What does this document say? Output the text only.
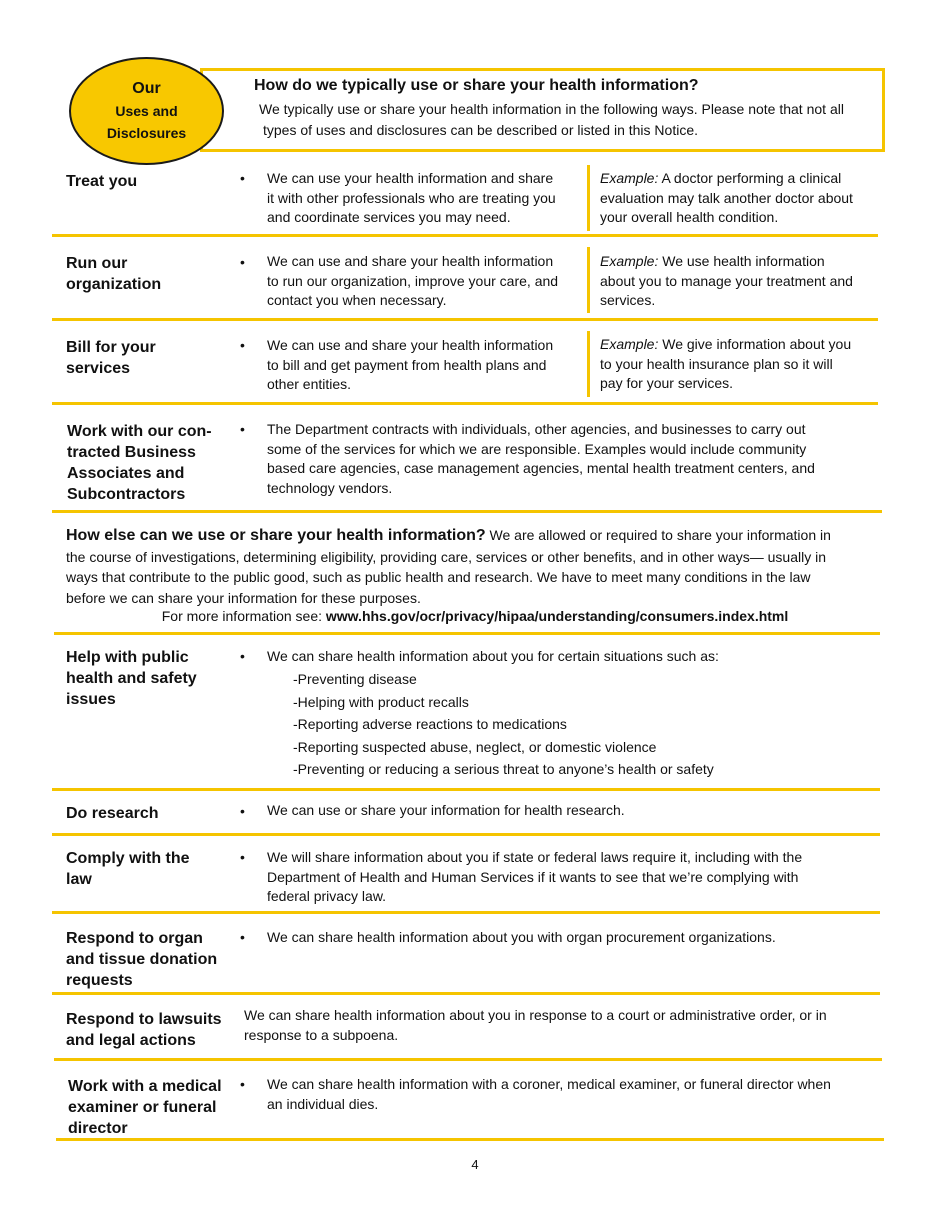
Our
Uses and
Disclosures
How do we typically use or share your health information?
We typically use or share your health information in the following ways. Please note that not all
types of uses and disclosures can be described or listed in this Notice.
Treat you	• We can use your health information and share
it with other professionals who are treating you
and coordinate services you may need.
Example: A doctor performing a clinical
evaluation may talk another doctor about
your overall health condition.
Run our
organization
• We can use and share your health information
to run our organization, improve your care, and
contact you when necessary.
Example: We use health information
about you to manage your treatment and
services.
Bill for your
services
• We can use and share your health information
to bill and get payment from health plans and
other entities.
Example: We give information about you
to your health insurance plan so it will
pay for your services.
Work with our con-
tracted Business
Associates and
Subcontractors
• The Department contracts with individuals, other agencies, and businesses to carry out
some of the services for which we are responsible. Examples would include community
based care agencies, case management agencies, mental health treatment centers, and
technology vendors.
How else can we use or share your health information? We are allowed or required to share your information in
the course of investigations, determining eligibility, providing care, services or other benefits, and in other ways— usually in
ways that contribute to the public good, such as public health and research. We have to meet many conditions in the law
before we can share your information for these purposes.
For more information see: www.hhs.gov/ocr/privacy/hipaa/understanding/consumers.index.html
Help with public
health and safety
issues
• We can share health information about you for certain situations such as:
-Preventing disease
-Helping with product recalls
-Reporting adverse reactions to medications
-Reporting suspected abuse, neglect, or domestic violence
-Preventing or reducing a serious threat to anyone’s health or safety
Do research	• We can use or share your information for health research.
Comply with the
law
• We will share information about you if state or federal laws require it, including with the
Department of Health and Human Services if it wants to see that we’re complying with
federal privacy law.
Respond to organ
and tissue donation
requests
• We can share health information about you with organ procurement organizations.
Respond to lawsuits
and legal actions
We can share health information about you in response to a court or administrative order, or in
response to a subpoena.
Work with a medical
examiner or funeral
director
• We can share health information with a coroner, medical examiner, or funeral director when
an individual dies.
4
